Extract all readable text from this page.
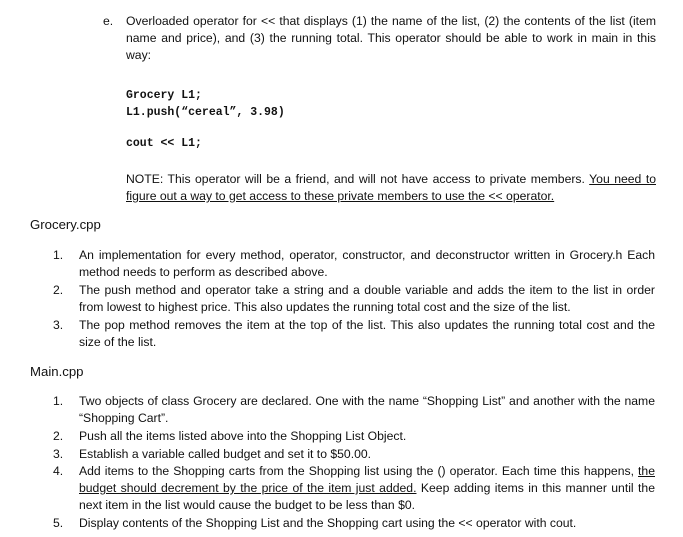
e. Overloaded operator for << that displays (1) the name of the list, (2) the contents of the list (item name and price), and (3) the running total. This operator should be able to work in main in this way:
Grocery L1;
L1.push(“cereal”, 3.98)
cout << L1;
NOTE: This operator will be a friend, and will not have access to private members. You need to figure out a way to get access to these private members to use the << operator.
Grocery.cpp
1. An implementation for every method, operator, constructor, and deconstructor written in Grocery.h Each method needs to perform as described above.
2. The push method and operator take a string and a double variable and adds the item to the list in order from lowest to highest price. This also updates the running total cost and the size of the list.
3. The pop method removes the item at the top of the list. This also updates the running total cost and the size of the list.
Main.cpp
1. Two objects of class Grocery are declared. One with the name “Shopping List” and another with the name “Shopping Cart”.
2. Push all the items listed above into the Shopping List Object.
3. Establish a variable called budget and set it to $50.00.
4. Add items to the Shopping carts from the Shopping list using the () operator. Each time this happens, the budget should decrement by the price of the item just added. Keep adding items in this manner until the next item in the list would cause the budget to be less than $0.
5. Display contents of the Shopping List and the Shopping cart using the << operator with cout.
